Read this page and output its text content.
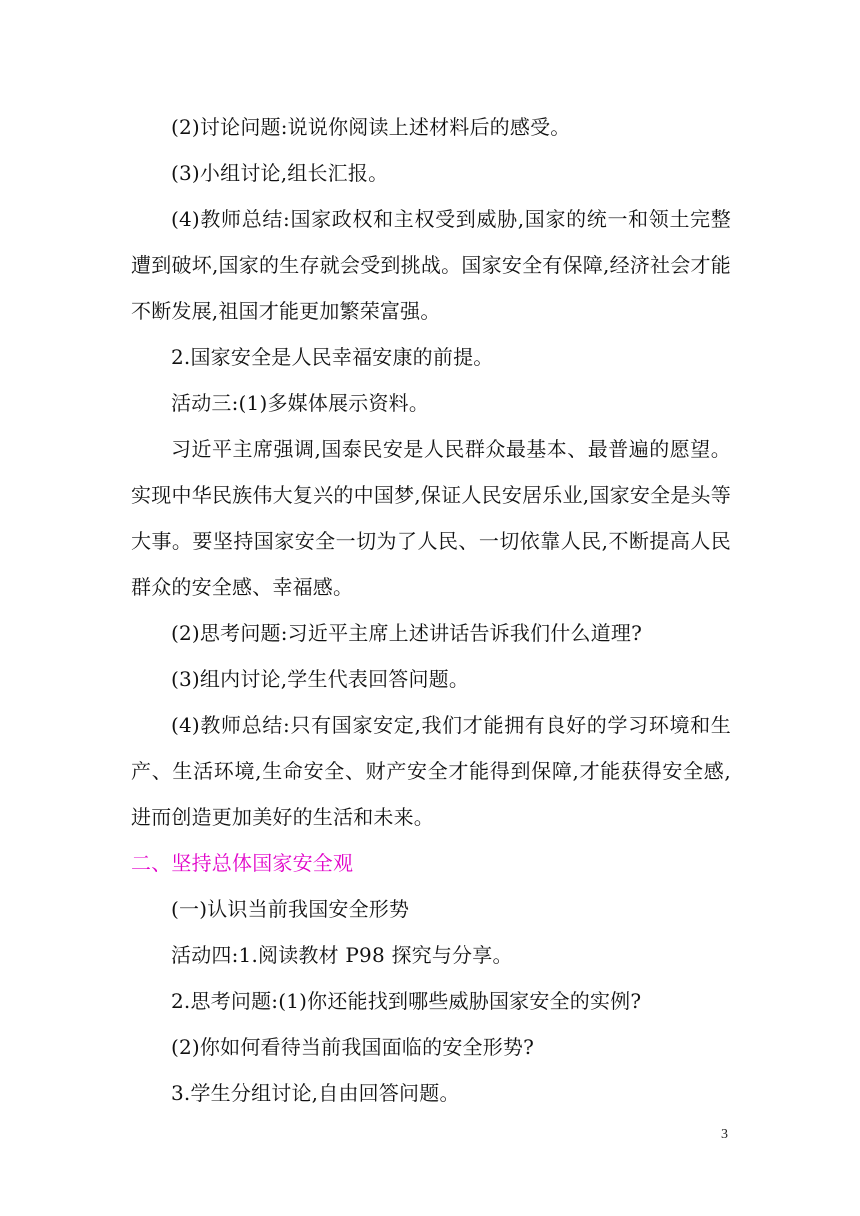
(2)讨论问题:说说你阅读上述材料后的感受。

(3)小组讨论,组长汇报。

(4)教师总结:国家政权和主权受到威胁,国家的统一和领土完整遭到破坏,国家的生存就会受到挑战。国家安全有保障,经济社会才能不断发展,祖国才能更加繁荣富强。

2.国家安全是人民幸福安康的前提。

活动三:(1)多媒体展示资料。

习近平主席强调,国泰民安是人民群众最基本、最普遍的愿望。实现中华民族伟大复兴的中国梦,保证人民安居乐业,国家安全是头等大事。要坚持国家安全一切为了人民、一切依靠人民,不断提高人民群众的安全感、幸福感。

(2)思考问题:习近平主席上述讲话告诉我们什么道理?

(3)组内讨论,学生代表回答问题。

(4)教师总结:只有国家安定,我们才能拥有良好的学习环境和生产、生活环境,生命安全、财产安全才能得到保障,才能获得安全感,进而创造更加美好的生活和未来。

二、坚持总体国家安全观

(一)认识当前我国安全形势

活动四:1.阅读教材 P98 探究与分享。

2.思考问题:(1)你还能找到哪些威胁国家安全的实例?

(2)你如何看待当前我国面临的安全形势?

3.学生分组讨论,自由回答问题。

3
